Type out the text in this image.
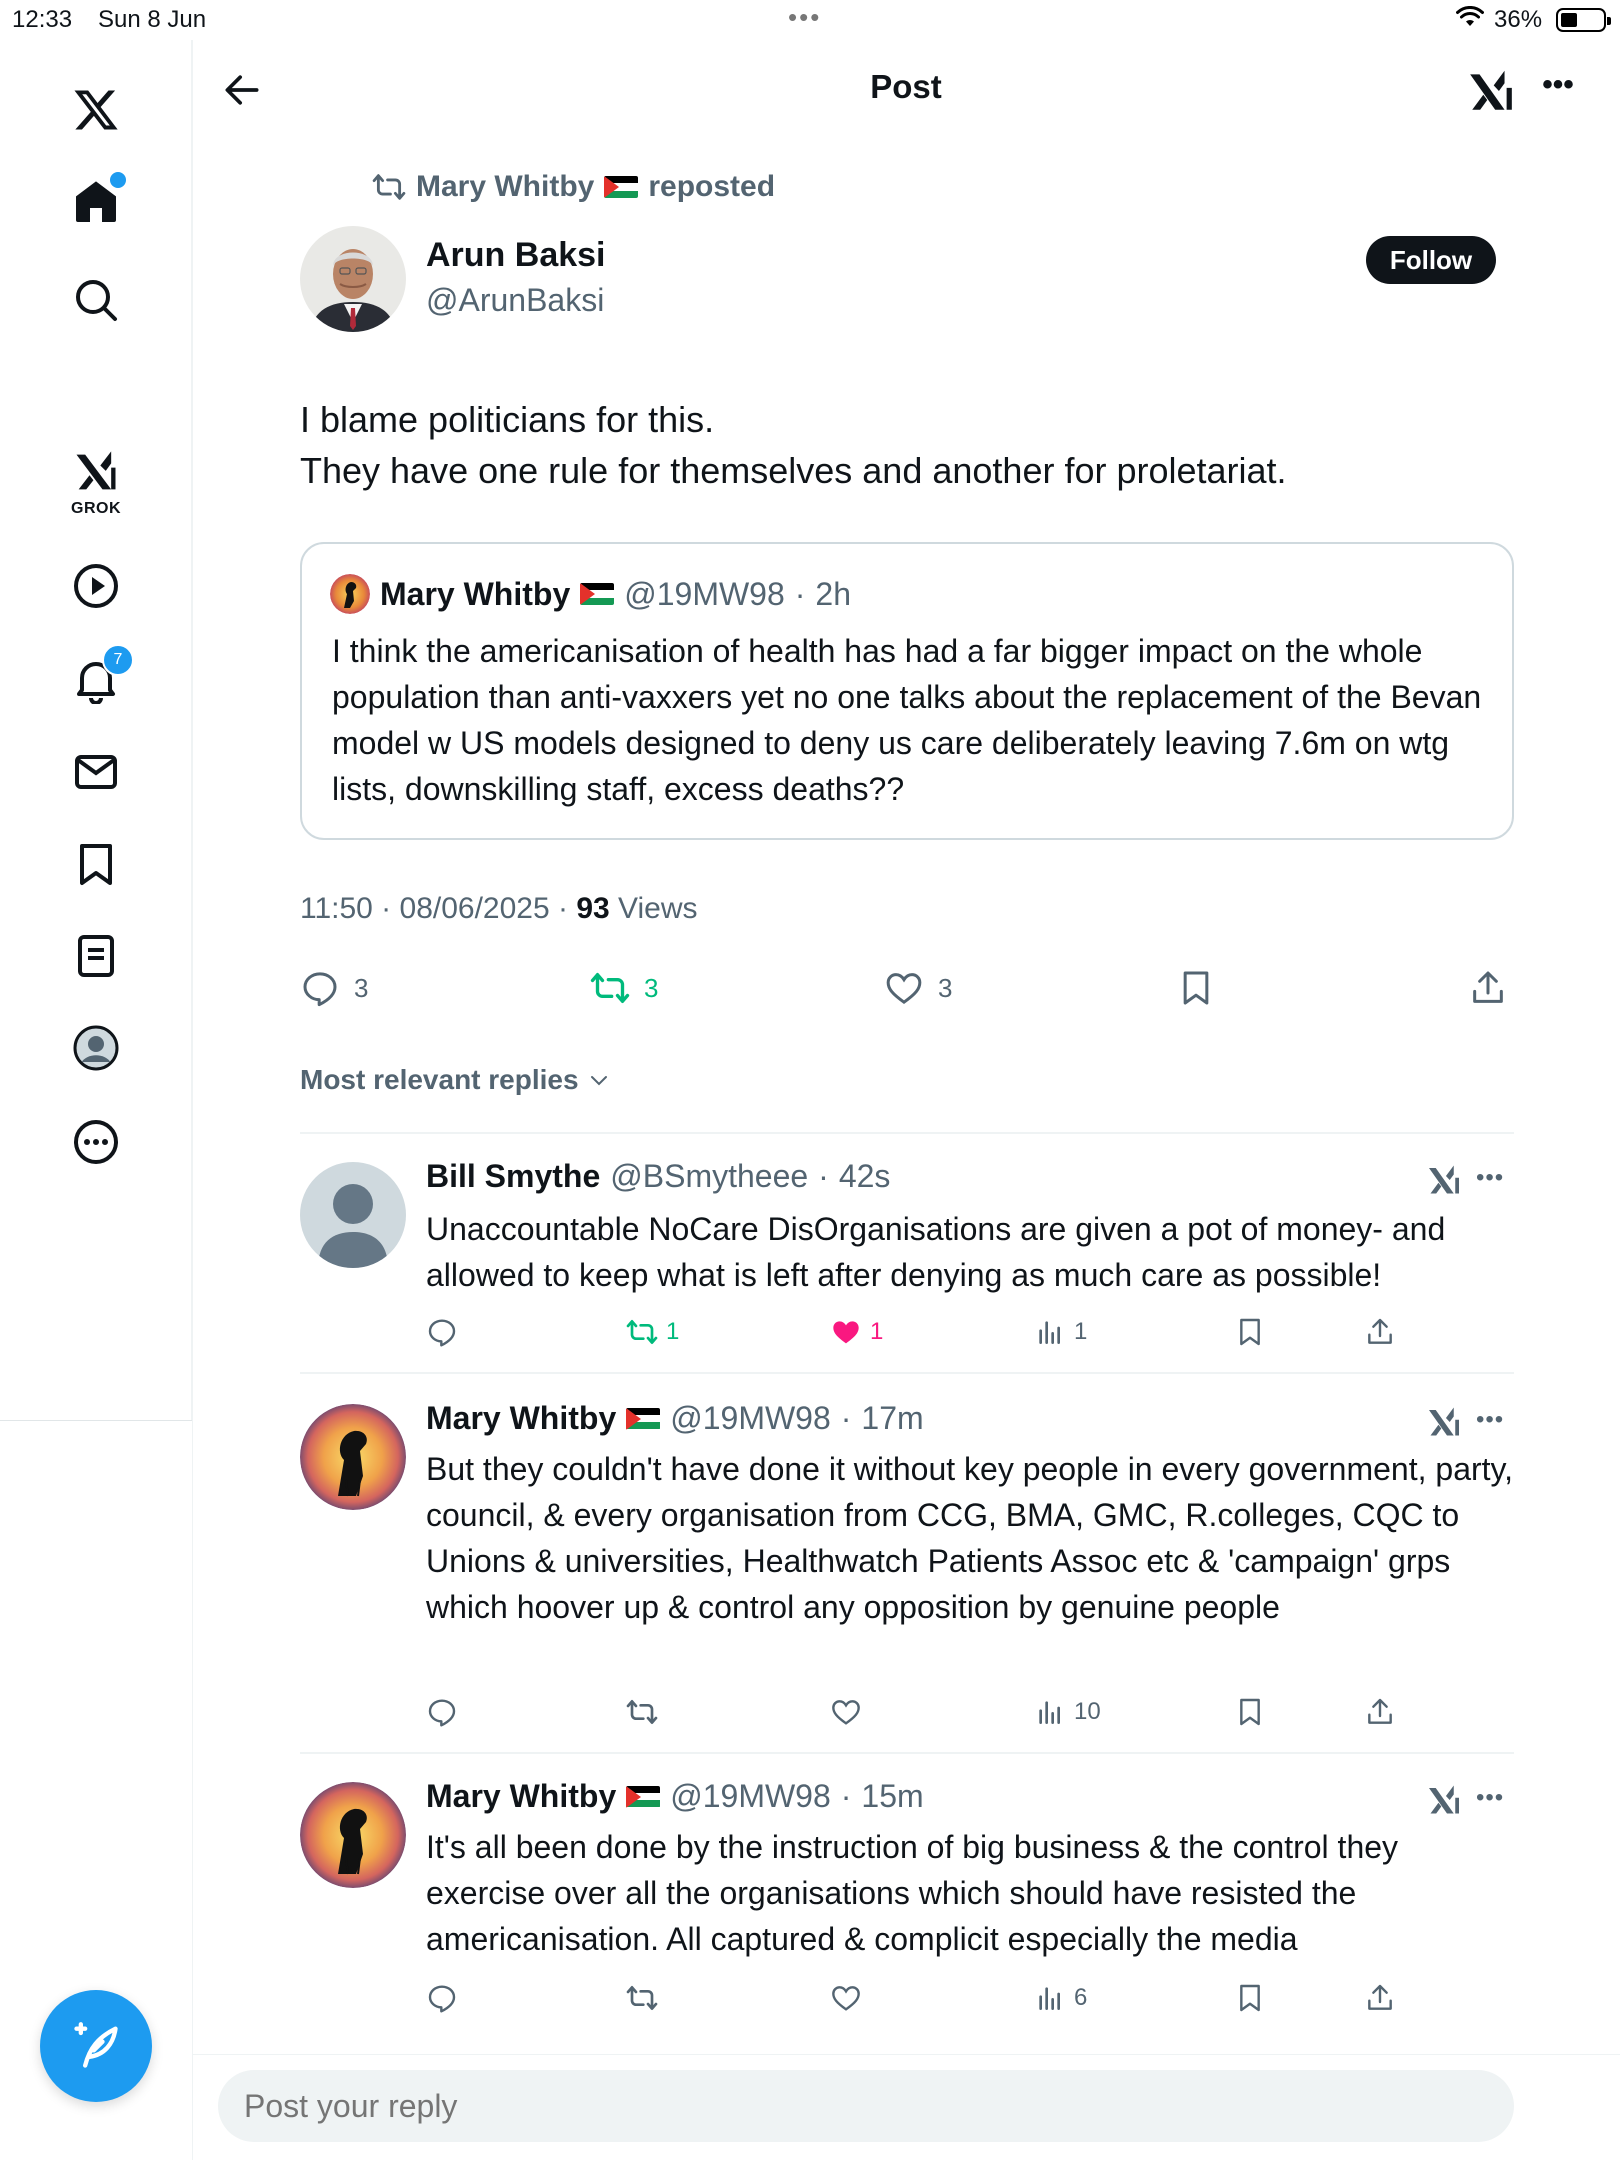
12:33 Sun 8 Jun	•••	36%
GROK
7
Post	•••
Mary Whitby reposted
Arun Baksi
@ArunBaksi
Follow
I blame politicians for this.
They have one rule for themselves and another for proletariat.
Mary Whitby @19MW98 · 2h
I think the americanisation of health has had a far bigger impact on the whole population than anti-vaxxers yet no one talks about the replacement of the Bevan model w US models designed to deny us care deliberately leaving 7.6m on wtg lists, downskilling staff, excess deaths??
11:50 · 08/06/2025 · 93 Views
3	3	3
Most relevant replies
Bill Smythe @BSmytheee · 42s	•••
Unaccountable NoCare DisOrganisations are given a pot of money- and allowed to keep what is left after denying as much care as possible!
1	1	1
Mary Whitby @19MW98 · 17m	•••
But they couldn't have done it without key people in every government, party, council, & every organisation from CCG, BMA, GMC, R.colleges, CQC to Unions & universities, Healthwatch Patients Assoc etc & 'campaign' grps which hoover up & control any opposition by genuine people
10
Mary Whitby @19MW98 · 15m	•••
It's all been done by the instruction of big business & the control they exercise over all the organisations which should have resisted the americanisation. All captured & complicit especially the media
6
Post your reply
